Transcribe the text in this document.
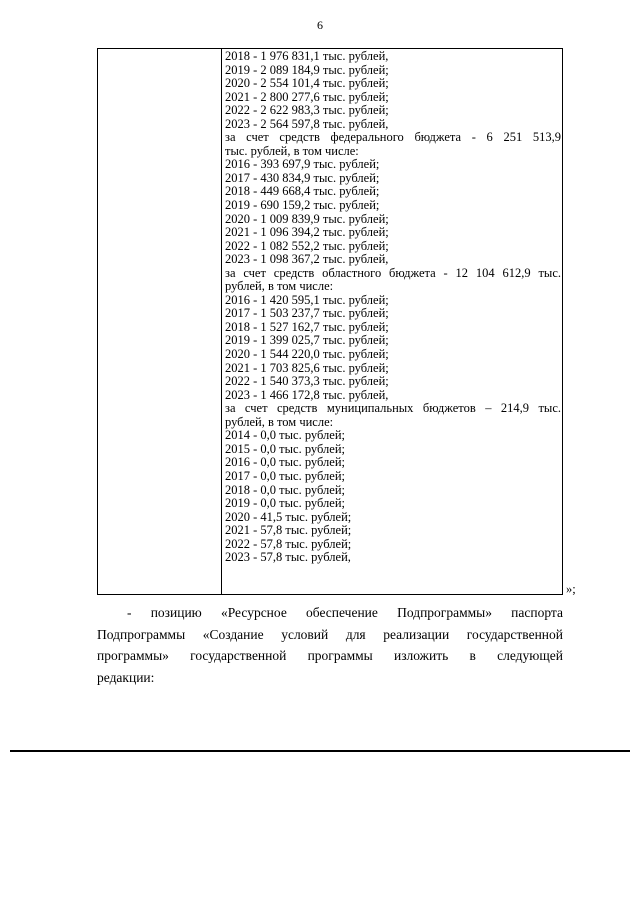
6
2018 - 1 976 831,1 тыс. рублей,
2019 - 2 089 184,9 тыс. рублей;
2020 - 2 554 101,4 тыс. рублей;
2021 - 2 800 277,6 тыс. рублей;
2022 - 2 622 983,3 тыс. рублей;
2023 - 2 564 597,8 тыс. рублей,
за счет средств федерального бюджета - 6 251 513,9
тыс. рублей, в том числе:
2016 - 393 697,9 тыс. рублей;
2017 - 430 834,9 тыс. рублей;
2018 - 449 668,4 тыс. рублей;
2019 - 690 159,2 тыс. рублей;
2020 - 1 009 839,9 тыс. рублей;
2021 - 1 096 394,2 тыс. рублей;
2022 - 1 082 552,2 тыс. рублей;
2023 - 1 098 367,2 тыс. рублей,
за счет средств областного бюджета - 12 104 612,9 тыс.
рублей, в том числе:
2016 - 1 420 595,1 тыс. рублей;
2017 - 1 503 237,7 тыс. рублей;
2018 - 1 527 162,7 тыс. рублей;
2019 - 1 399 025,7 тыс. рублей;
2020 - 1 544 220,0 тыс. рублей;
2021 - 1 703 825,6 тыс. рублей;
2022 - 1 540 373,3 тыс. рублей;
2023 - 1 466 172,8 тыс. рублей,
за счет средств муниципальных бюджетов – 214,9 тыс.
рублей, в том числе:
2014 - 0,0 тыс. рублей;
2015 - 0,0 тыс. рублей;
2016 - 0,0 тыс. рублей;
2017 - 0,0 тыс. рублей;
2018 - 0,0 тыс. рублей;
2019 - 0,0 тыс. рублей;
2020 - 41,5 тыс. рублей;
2021 - 57,8 тыс. рублей;
2022 - 57,8 тыс. рублей;
2023 - 57,8 тыс. рублей,
»;
- позицию «Ресурсное обеспечение Подпрограммы» паспорта
Подпрограммы «Создание условий для реализации государственной
программы» государственной программы изложить в следующей
редакции:
